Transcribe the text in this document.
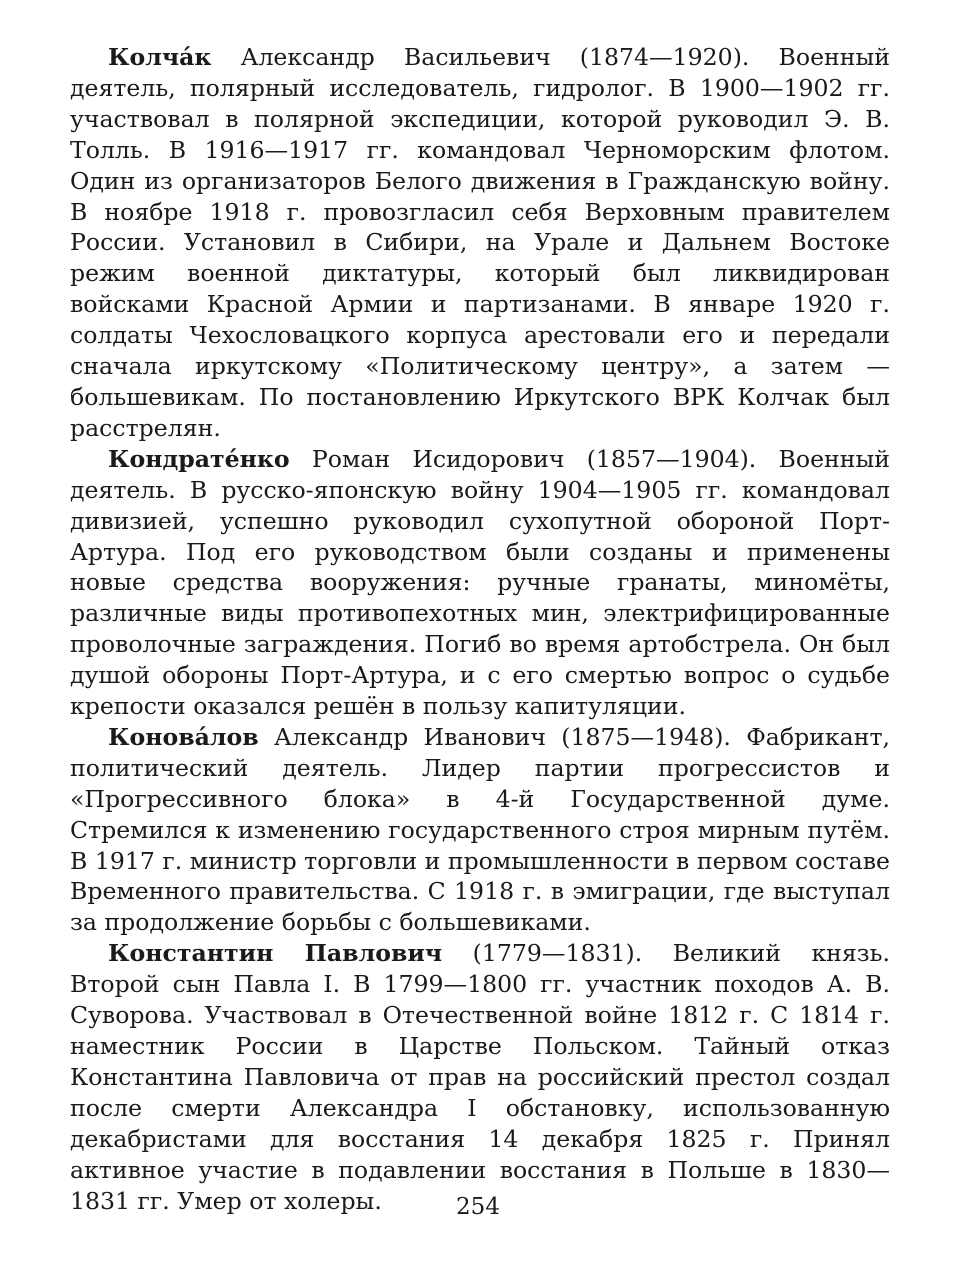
Колча́к Александр Васильевич (1874—1920). Военный деятель, полярный исследователь, гидролог. В 1900—1902 гг. участвовал в полярной экспедиции, которой руководил Э. В. Толль. В 1916—1917 гг. командовал Черноморским флотом. Один из организаторов Белого движения в Гражданскую войну. В ноябре 1918 г. провозгласил себя Верховным правителем России. Установил в Сибири, на Урале и Дальнем Востоке режим военной диктатуры, который был ликвидирован войсками Красной Армии и партизанами. В январе 1920 г. солдаты Чехословацкого корпуса арестовали его и передали сначала иркутскому «Политическому центру», а затем — большевикам. По постановлению Иркутского ВРК Колчак был расстрелян.

Кондрате́нко Роман Исидорович (1857—1904). Военный деятель. В русско-японскую войну 1904—1905 гг. командовал дивизией, успешно руководил сухопутной обороной Порт-Артура. Под его руководством были созданы и применены новые средства вооружения: ручные гранаты, миномёты, различные виды противопехотных мин, электрифицированные проволочные заграждения. Погиб во время артобстрела. Он был душой обороны Порт-Артура, и с его смертью вопрос о судьбе крепости оказался решён в пользу капитуляции.

Конова́лов Александр Иванович (1875—1948). Фабрикант, политический деятель. Лидер партии прогрессистов и «Прогрессивного блока» в 4-й Государственной думе. Стремился к изменению государственного строя мирным путём. В 1917 г. министр торговли и промышленности в первом составе Временного правительства. С 1918 г. в эмиграции, где выступал за продолжение борьбы с большевиками.

Константин Павлович (1779—1831). Великий князь. Второй сын Павла I. В 1799—1800 гг. участник походов А. В. Суворова. Участвовал в Отечественной войне 1812 г. С 1814 г. наместник России в Царстве Польском. Тайный отказ Константина Павловича от прав на российский престол создал после смерти Александра I обстановку, использованную декабристами для восстания 14 декабря 1825 г. Принял активное участие в подавлении восстания в Польше в 1830—1831 гг. Умер от холеры.	254
